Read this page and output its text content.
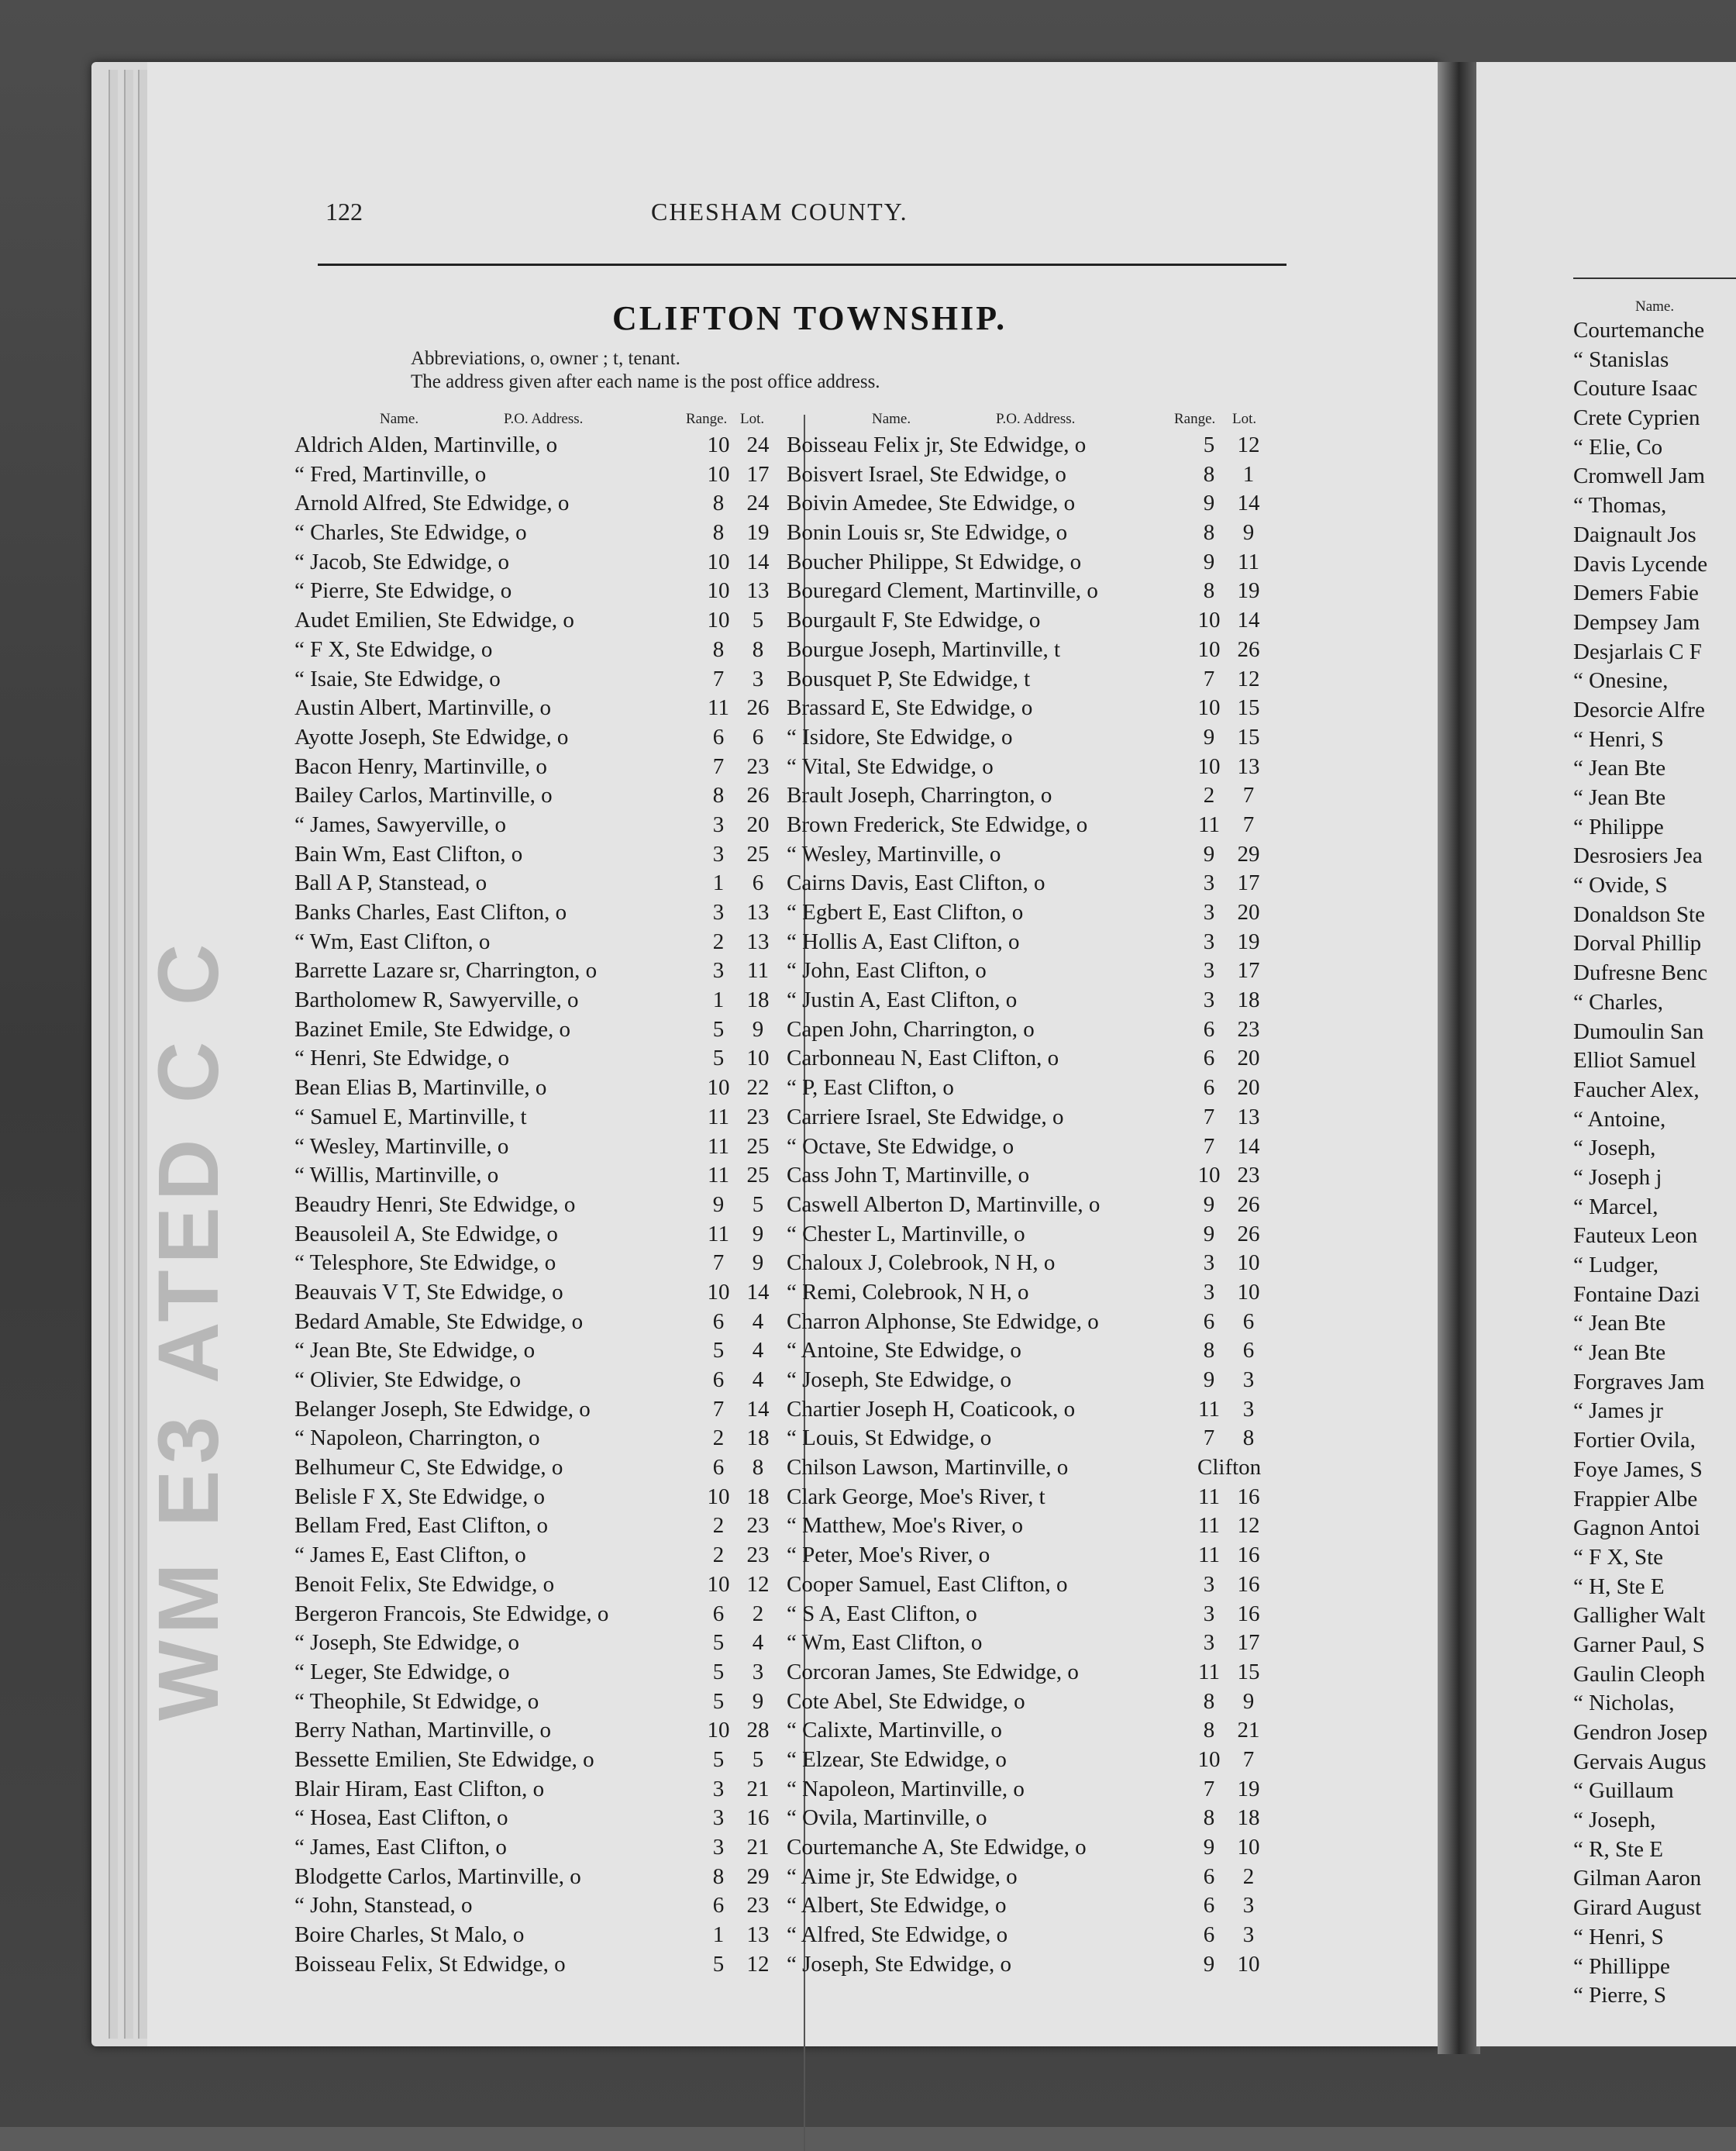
Name.
Courtemanche
“ Stanislas
Couture Isaac
Crete Cyprien
“ Elie, Co
Cromwell Jam
“ Thomas,
Daignault Jos
Davis Lycende
Demers Fabie
Dempsey Jam
Desjarlais C F
“ Onesine,
Desorcie Alfre
“ Henri, S
“ Jean Bte
“ Jean Bte
“ Philippe
Desrosiers Jea
“ Ovide, S
Donaldson Ste
Dorval Phillip
Dufresne Benc
“ Charles,
Dumoulin San
Elliot Samuel
Faucher Alex,
“ Antoine,
“ Joseph,
“ Joseph j
“ Marcel,
Fauteux Leon
“ Ludger,
Fontaine Dazi
“ Jean Bte
“ Jean Bte
Forgraves Jam
“ James jr
Fortier Ovila,
Foye James, S
Frappier Albe
Gagnon Antoi
“ F X, Ste
“ H, Ste E
Galligher Walt
Garner Paul, S
Gaulin Cleoph
“ Nicholas,
Gendron Josep
Gervais Augus
“ Guillaum
“ Joseph,
“ R, Ste E
Gilman Aaron
Girard August
“ Henri, S
“ Phillippe
“ Pierre, S
WM E3 ATED C C
122	CHESHAM COUNTY.
CLIFTON TOWNSHIP.
Abbreviations, o, owner ; t, tenant.
The address given after each name is the post office address.
Name.	P.O. Address.	Range. Lot.
Aldrich Alden, Martinville, o	10 24
“ Fred, Martinville, o	10 17
Arnold Alfred, Ste Edwidge, o	8	24
“ Charles, Ste Edwidge, o	8	19
“ Jacob, Ste Edwidge, o	10 14
“ Pierre, Ste Edwidge, o	10 13
Audet Emilien, Ste Edwidge, o	10	5
“ F X, Ste Edwidge, o	8	8
“ Isaie, Ste Edwidge, o	7	3
Austin Albert, Martinville, o	11 26
Ayotte Joseph, Ste Edwidge, o	6	6
Bacon Henry, Martinville, o	7	23
Bailey Carlos, Martinville, o	8	26
“ James, Sawyerville, o	3	20
Bain Wm, East Clifton, o	3	25
Ball A P, Stanstead, o	1	6
Banks Charles, East Clifton, o	3	13
“ Wm, East Clifton, o	2	13
Barrette Lazare sr, Charrington, o	3	11
Bartholomew R, Sawyerville, o	1	18
Bazinet Emile, Ste Edwidge, o	5	9
“ Henri, Ste Edwidge, o	5	10
Bean Elias B, Martinville, o	10 22
“ Samuel E, Martinville, t	11 23
“ Wesley, Martinville, o	11 25
“ Willis, Martinville, o	11 25
Beaudry Henri, Ste Edwidge, o	9	5
Beausoleil A, Ste Edwidge, o	11	9
“ Telesphore, Ste Edwidge, o	7	9
Beauvais V T, Ste Edwidge, o	10 14
Bedard Amable, Ste Edwidge, o	6	4
“ Jean Bte, Ste Edwidge, o	5	4
“ Olivier, Ste Edwidge, o	6	4
Belanger Joseph, Ste Edwidge, o	7	14
“ Napoleon, Charrington, o	2	18
Belhumeur C, Ste Edwidge, o	6	8
Belisle F X, Ste Edwidge, o	10 18
Bellam Fred, East Clifton, o	2	23
“ James E, East Clifton, o	2	23
Benoit Felix, Ste Edwidge, o	10 12
Bergeron Francois, Ste Edwidge, o	6	2
“ Joseph, Ste Edwidge, o	5	4
“ Leger, Ste Edwidge, o	5	3
“ Theophile, St Edwidge, o	5	9
Berry Nathan, Martinville, o	10 28
Bessette Emilien, Ste Edwidge, o	5	5
Blair Hiram, East Clifton, o	3	21
“ Hosea, East Clifton, o	3	16
“ James, East Clifton, o	3	21
Blodgette Carlos, Martinville, o	8	29
“ John, Stanstead, o	6	23
Boire Charles, St Malo, o	1	13
Boisseau Felix, St Edwidge, o	5	12
Name.	P.O. Address.	Range. Lot.
Boisseau Felix jr, Ste Edwidge, o	5	12
Boisvert Israel, Ste Edwidge, o	8	1
Boivin Amedee, Ste Edwidge, o	9	14
Bonin Louis sr, Ste Edwidge, o	8	9
Boucher Philippe, St Edwidge, o	9	11
Bouregard Clement, Martinville, o	8	19
Bourgault F, Ste Edwidge, o	10 14
Bourgue Joseph, Martinville, t	10 26
Bousquet P, Ste Edwidge, t	7	12
Brassard E, Ste Edwidge, o	10 15
“ Isidore, Ste Edwidge, o	9	15
“ Vital, Ste Edwidge, o	10 13
Brault Joseph, Charrington, o	2	7
Brown Frederick, Ste Edwidge, o	11	7
“ Wesley, Martinville, o	9	29
Cairns Davis, East Clifton, o	3	17
“ Egbert E, East Clifton, o	3	20
“ Hollis A, East Clifton, o	3	19
“ John, East Clifton, o	3	17
“ Justin A, East Clifton, o	3	18
Capen John, Charrington, o	6	23
Carbonneau N, East Clifton, o	6	20
“ P, East Clifton, o	6	20
Carriere Israel, Ste Edwidge, o	7	13
“ Octave, Ste Edwidge, o	7	14
Cass John T, Martinville, o	10 23
Caswell Alberton D, Martinville, o	9	26
“ Chester L, Martinville, o	9	26
Chaloux J, Colebrook, N H, o	3	10
“ Remi, Colebrook, N H, o	3	10
Charron Alphonse, Ste Edwidge, o	6	6
“ Antoine, Ste Edwidge, o	8	6
“ Joseph, Ste Edwidge, o	9	3
Chartier Joseph H, Coaticook, o	11	3
“ Louis, St Edwidge, o	7	8
Chilson Lawson, Martinville, o	Clifton
Clark George, Moe's River, t	11 16
“ Matthew, Moe's River, o	11 12
“ Peter, Moe's River, o	11 16
Cooper Samuel, East Clifton, o	3	16
“ S A, East Clifton, o	3	16
“ Wm, East Clifton, o	3	17
Corcoran James, Ste Edwidge, o	11 15
Cote Abel, Ste Edwidge, o	8	9
“ Calixte, Martinville, o	8	21
“ Elzear, Ste Edwidge, o	10	7
“ Napoleon, Martinville, o	7	19
“ Ovila, Martinville, o	8	18
Courtemanche A, Ste Edwidge, o	9	10
“ Aime jr, Ste Edwidge, o	6	2
“ Albert, Ste Edwidge, o	6	3
“ Alfred, Ste Edwidge, o	6	3
“ Joseph, Ste Edwidge, o	9	10
